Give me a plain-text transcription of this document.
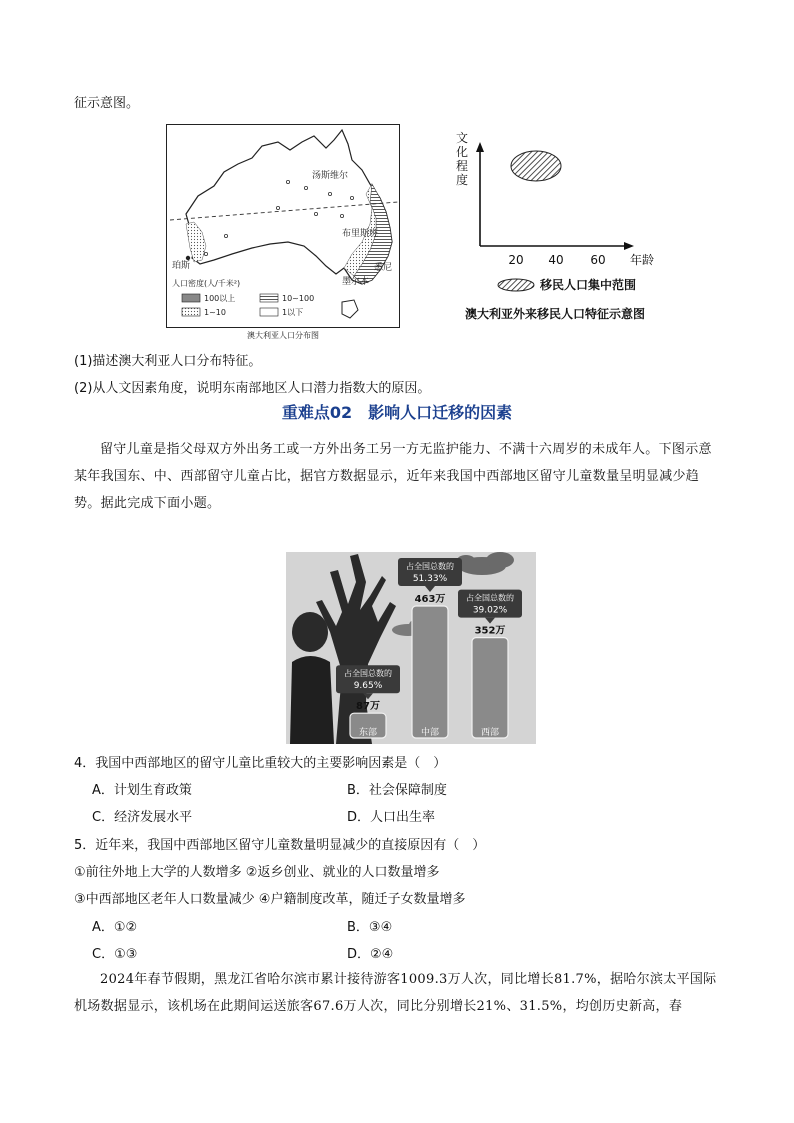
征示意图。
汤斯维尔
布里斯班
悉尼
墨尔本
珀斯
人口密度(人/千米²)
100以上	10~100
1~10	1以下
澳大利亚人口分布图
文
化
程
度
20 40 60 年龄
移民人口集中范围
澳大利亚外来移民人口特征示意图
(1)描述澳大利亚人口分布特征。
(2)从人文因素角度，说明东南部地区人口潜力指数大的原因。
重难点02　影响人口迁移的因素
留守儿童是指父母双方外出务工或一方外出务工另一方无监护能力、不满十六周岁的未成年人。下图示意某年我国东、中、西部留守儿童占比，据官方数据显示，近年来我国中西部地区留守儿童数量呈明显减少趋势。据此完成下面小题。
东部
87万
占全国总数的
9.65%
中部
463万
占全国总数的
51.33%
西部
352万
占全国总数的
39.02%
4．我国中西部地区的留守儿童比重较大的主要影响因素是（　）
A．计划生育政策	B．社会保障制度
C．经济发展水平	D．人口出生率
5．近年来，我国中西部地区留守儿童数量明显减少的直接原因有（　）
①前往外地上大学的人数增多 ②返乡创业、就业的人口数量增多
③中西部地区老年人口数量减少 ④户籍制度改革，随迁子女数量增多
A．①②	B．③④
C．①③	D．②④
2024年春节假期，黑龙江省哈尔滨市累计接待游客1009.3万人次，同比增长81.7%，据哈尔滨太平国际机场数据显示，该机场在此期间运送旅客67.6万人次，同比分别增长21%、31.5%，均创历史新高，春
